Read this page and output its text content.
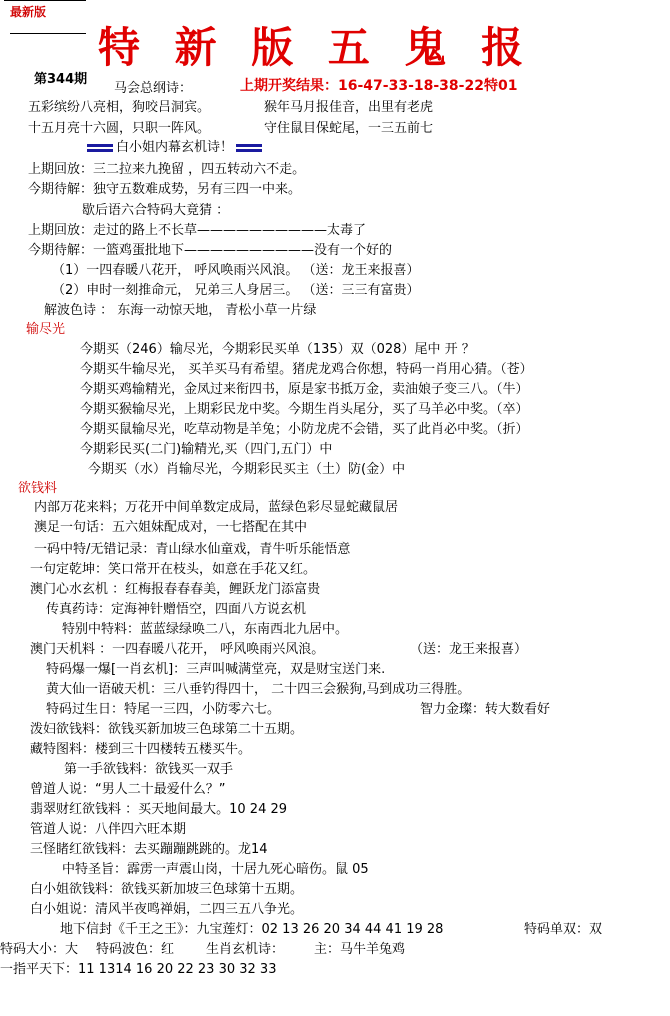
最新版
特 新 版 五 鬼 报
第344期
马会总纲诗：	上期开奖结果：16-47-33-18-38-22特01
五彩缤纷八亮相，狗咬吕洞宾。	猴年马月报佳音，出里有老虎
十五月亮十六圆，只职一阵风。	守住鼠目保蛇尾，一三五前七
白小姐内幕玄机诗！
上期回放：三二拉来九挽留 ，四五转动六不走。
今期待解：独守五数难成势，另有三四一中来。
歇后语六合特码大竟猜 ：
上期回放：走过的路上不长草——————————太毒了
今期待解：一篮鸡蛋批地下——————————没有一个好的
（1）一四春暖八花开， 呼风唤雨兴风浪。 （送：龙王来报喜）
（2）申时一刻推命元， 兄弟三人身居三。 （送：三三有富贵）
解波色诗 ： 东海一动惊天地， 青松小草一片绿
输尽光
今期买（246）输尽光，今期彩民买单（135）双（028）尾中 开 ？
今期买牛输尽光， 买羊买马有希望。猪虎龙鸡合你想，特码一肖用心猜。（苍）
今期买鸡输精光，金凤过来衔四书，原是家书抵万金，卖油娘子变三八。（牛）
今期买猴输尽光，上期彩民龙中奖。今期生肖头尾分，买了马羊必中奖。（卒）
今期买鼠输尽光，吃草动物是羊兔；小防龙虎不会错，买了此肖必中奖。（折）
今期彩民买(二门)输精光,买（四门,五门）中
今期买（水）肖输尽光，今期彩民买主（土）防(金）中
欲钱料
内部万花来料；万花开中间单数定成局，蓝绿色彩尽显蛇藏鼠居
澳足一句话：五六姐妹配成对，一七搭配在其中
一码中特/无错记录：青山绿水仙童戏，青牛听乐能悟意
一句定乾坤：笑口常开在枝头，如意在手花又红。
澳门心水玄机 ：红梅报春春春美，鲤跃龙门添富贵
传真药诗：定海神针赠悟空，四面八方说玄机
特别中特料：蓝蓝绿绿唤二八，东南西北九居中。
澳门天机料 ：一四春暖八花开， 呼风唤雨兴风浪。	（送：龙王来报喜）
特码爆一爆[一肖玄机]：三声叫喊满堂亮，双是财宝送门来.
黄大仙一语破天机：三八垂钓得四十， 二十四三会猴狗,马到成功三得胜。
特码过生日：特尾一三四，小防零六七。	智力金璨：转大数看好
泼妇欲钱料：欲钱买新加坡三色球第二十五期。
藏特图料：楼到三十四楼转五楼买牛。
第一手欲钱料：欲钱买一双手
曾道人说：“男人二十最爱什么？”
翡翠财红欲钱料 ：买天地间最大。10 24 29
管道人说：八伴四六旺本期
三怪睹红欲钱料：去买蹦蹦跳跳的。龙14
中特圣旨：霹雳一声震山岗，十居九死心暗伤。鼠 05
白小姐欲钱料：欲钱买新加坡三色球第十五期。
白小姐说：清风半夜鸣禅娟，二四三五八争光。
地下信封《千王之王》：九宝莲灯：02 13 26 20 34 44 41 19 28	特码单双：双
特码大小：大 特码波色：红 生肖玄机诗： 主：马牛羊兔鸡
一指平天下：11 1314 16 20 22 23 30 32 33
